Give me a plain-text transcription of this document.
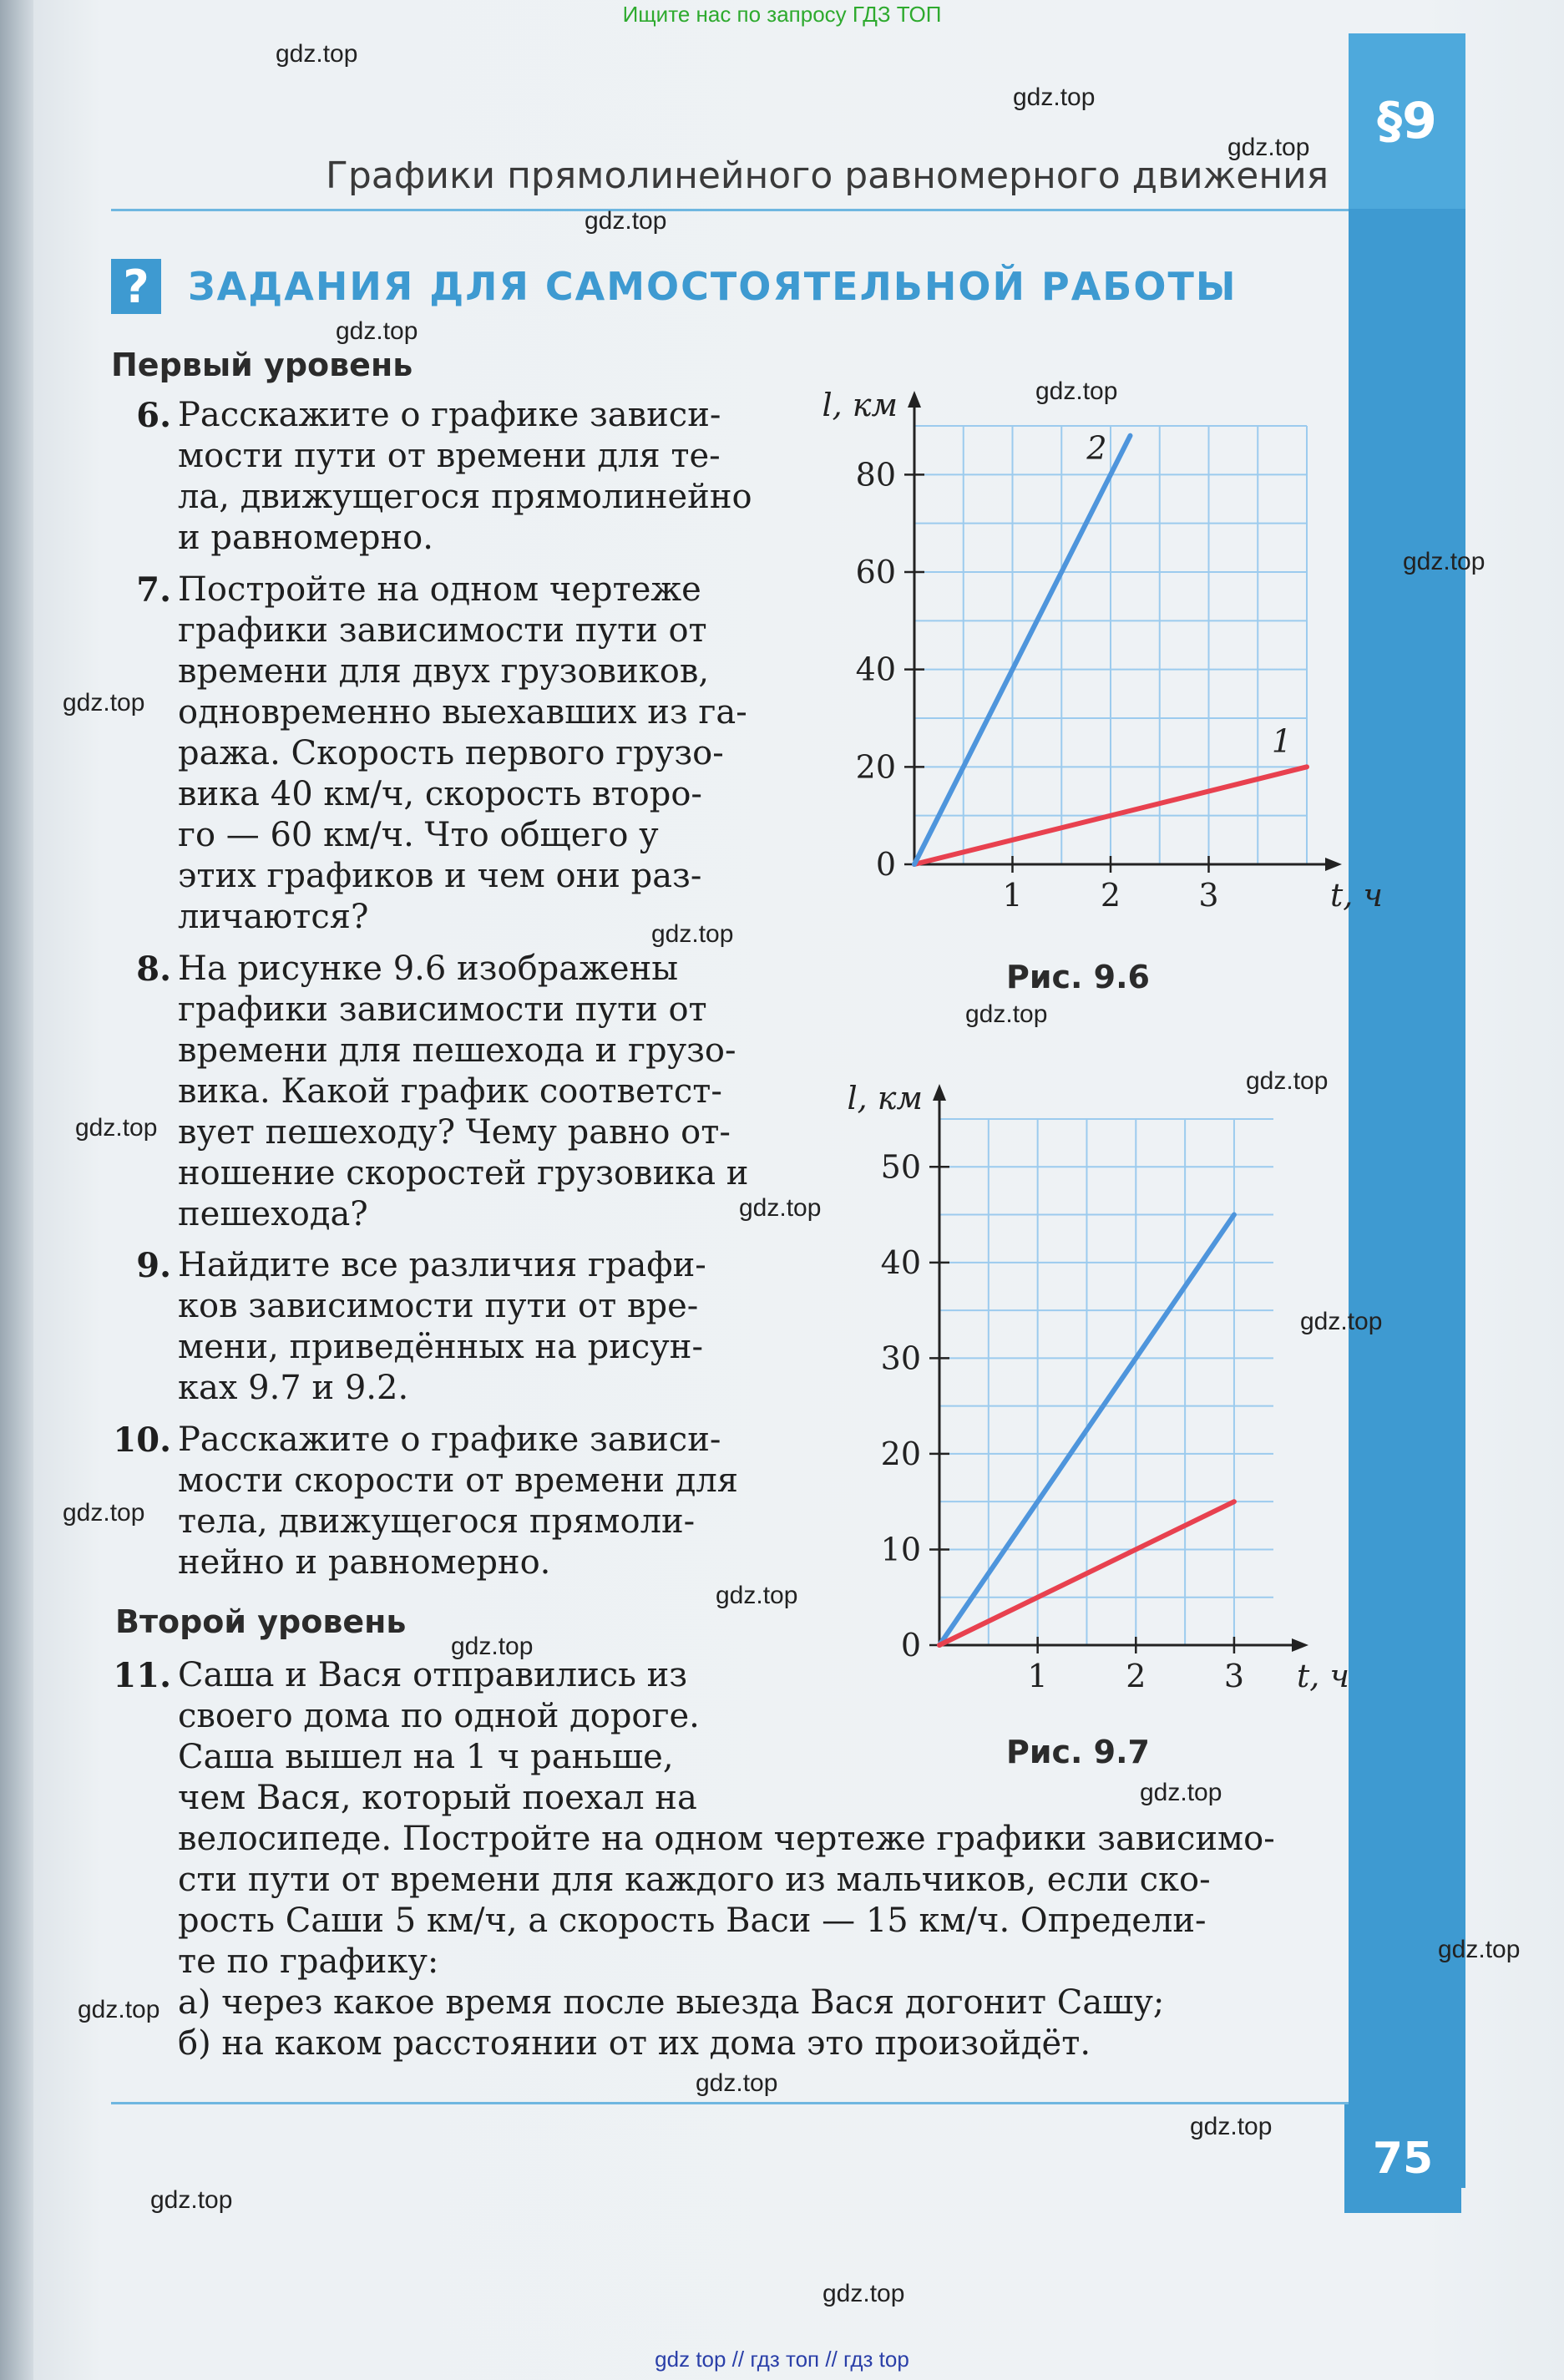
Ищите нас по запросу ГДЗ ТОП
§9
Графики прямолинейного равномерного движения
?	ЗАДАНИЯ ДЛЯ САМОСТОЯТЕЛЬНОЙ РАБОТЫ
Первый уровень
6. Расскажите о графике зависи-
мости пути от времени для те-
ла, движущегося прямолинейно
и равномерно.
7. Постройте на одном чертеже
графики зависимости пути от
времени для двух грузовиков,
одновременно выехавших из га-
ража. Скорость первого грузо-
вика 40 км/ч, скорость второ-
го — 60 км/ч. Что общего у
этих графиков и чем они раз-
личаются?
8. На рисунке 9.6 изображены
графики зависимости пути от
времени для пешехода и грузо-
вика. Какой график соответст-
вует пешеходу? Чему равно от-
ношение скоростей грузовика и
пешехода?
9. Найдите все различия графи-
ков зависимости пути от вре-
мени, приведённых на рисун-
ках 9.7 и 9.2.
10. Расскажите о графике зависи-
мости скорости от времени для
тела, движущегося прямоли-
нейно и равномерно.
Второй уровень
11. Саша и Вася отправились из
своего дома по одной дороге.
Саша вышел на 1 ч раньше,
чем Вася, который поехал на
велосипеде. Постройте на одном чертеже графики зависимо-
сти пути от времени для каждого из мальчиков, если ско-
рость Саши 5 км/ч, а скорость Васи — 15 км/ч. Определи-
те по графику:
а) через какое время после выезда Вася догонит Сашу;
б) на каком расстоянии от их дома это произойдёт.
75
1 2 3
0
20
40
60
80
t, ч
l, км
1
2
Рис. 9.6
1 2 3
0
10
20
30
40
50
t, ч
l, км
Рис. 9.7
gdz.top
gdz.top
gdz.top
gdz.top
gdz.top
gdz.top
gdz.top
gdz.top
gdz.top
gdz.top
gdz.top
gdz.top
gdz.top
gdz.top
gdz.top
gdz.top
gdz.top
gdz.top
gdz.top
gdz.top
gdz.top
gdz.top
gdz.top
gdz.top
gdz top // гдз топ // гдз top
